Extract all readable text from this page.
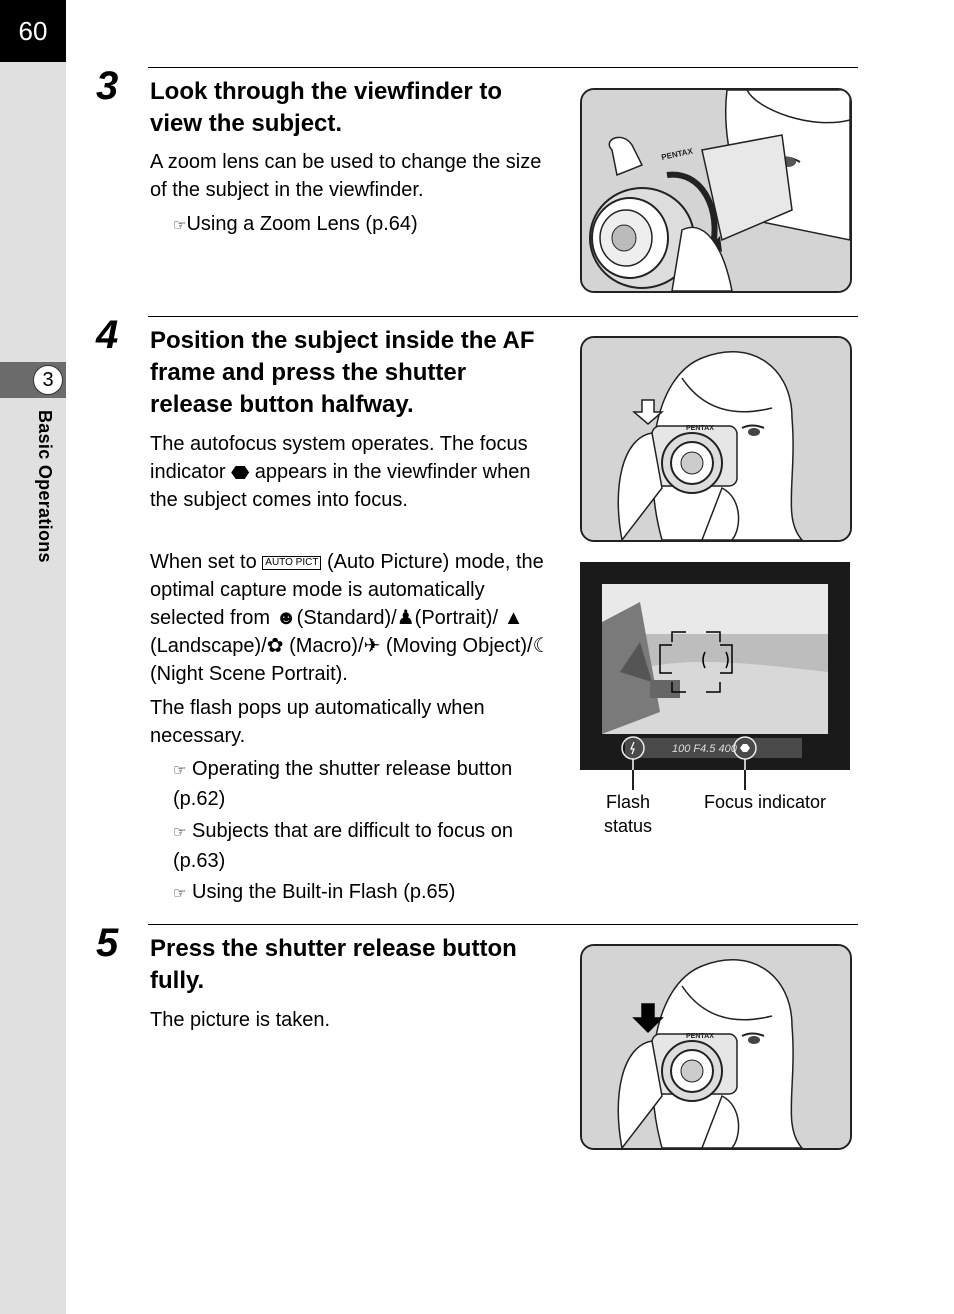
60
3
Basic Operations
3 Look through the viewfinder to view the subject.
A zoom lens can be used to change the size of the subject in the viewfinder.
☞Using a Zoom Lens (p.64)
PENTAX
4 Position the subject inside the AF frame and press the shutter release button halfway.
The autofocus system operates. The focus indicator appears in the viewfinder when the subject comes into focus.
When set to AUTO PICT (Auto Picture) mode, the optimal capture mode is automatically selected from ☻(Standard)/♟(Portrait)/ ▲ (Landscape)/✿ (Macro)/✈ (Moving Object)/☾ (Night Scene Portrait).
The flash pops up automatically when necessary.
☞ Operating the shutter release button (p.62)
☞ Subjects that are difficult to focus on (p.63)
☞ Using the Built-in Flash (p.65)
PENTAX
100 F4.5 400
Flash status
Focus indicator
5 Press the shutter release button fully.
The picture is taken.
PENTAX
